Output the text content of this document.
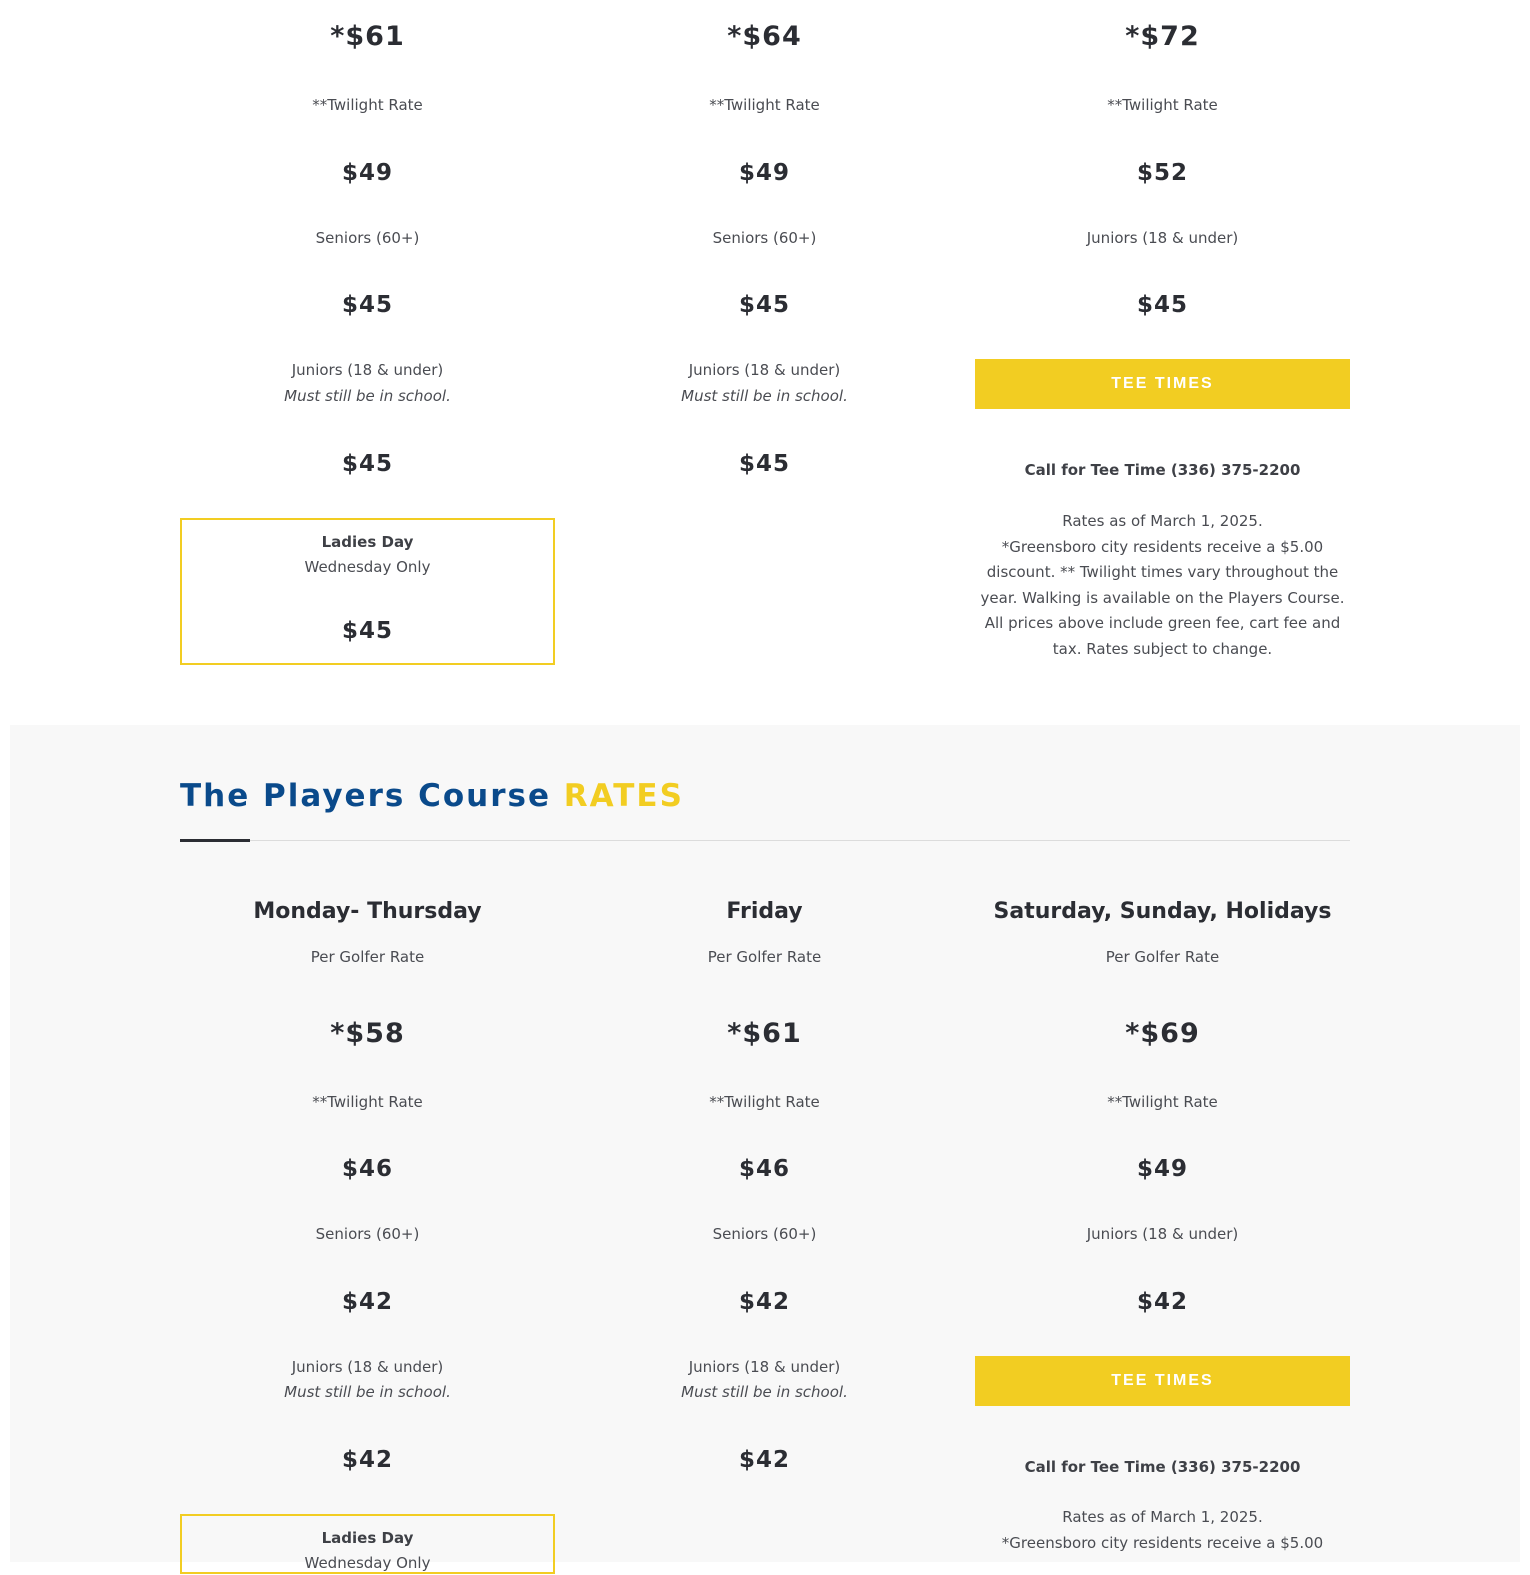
*$61
**Twilight Rate
$49
Seniors (60+)
$45
Juniors (18 & under)
Must still be in school.
$45
Ladies Day
Wednesday Only
$45
*$64
**Twilight Rate
$49
Seniors (60+)
$45
Juniors (18 & under)
Must still be in school.
$45
*$72
**Twilight Rate
$52
Juniors (18 & under)
$45
TEE TIMES
Call for Tee Time (336) 375-2200
Rates as of March 1, 2025.
*Greensboro city residents receive a $5.00
discount. ** Twilight times vary throughout the
year. Walking is available on the Players Course.
All prices above include green fee, cart fee and
tax. Rates subject to change.
The Players Course RATES
Monday- Thursday
Per Golfer Rate
*$58
**Twilight Rate
$46
Seniors (60+)
$42
Juniors (18 & under)
Must still be in school.
$42
Ladies Day
Wednesday Only
Friday
Per Golfer Rate
*$61
**Twilight Rate
$46
Seniors (60+)
$42
Juniors (18 & under)
Must still be in school.
$42
Saturday, Sunday, Holidays
Per Golfer Rate
*$69
**Twilight Rate
$49
Juniors (18 & under)
$42
TEE TIMES
Call for Tee Time (336) 375-2200
Rates as of March 1, 2025.
*Greensboro city residents receive a $5.00
